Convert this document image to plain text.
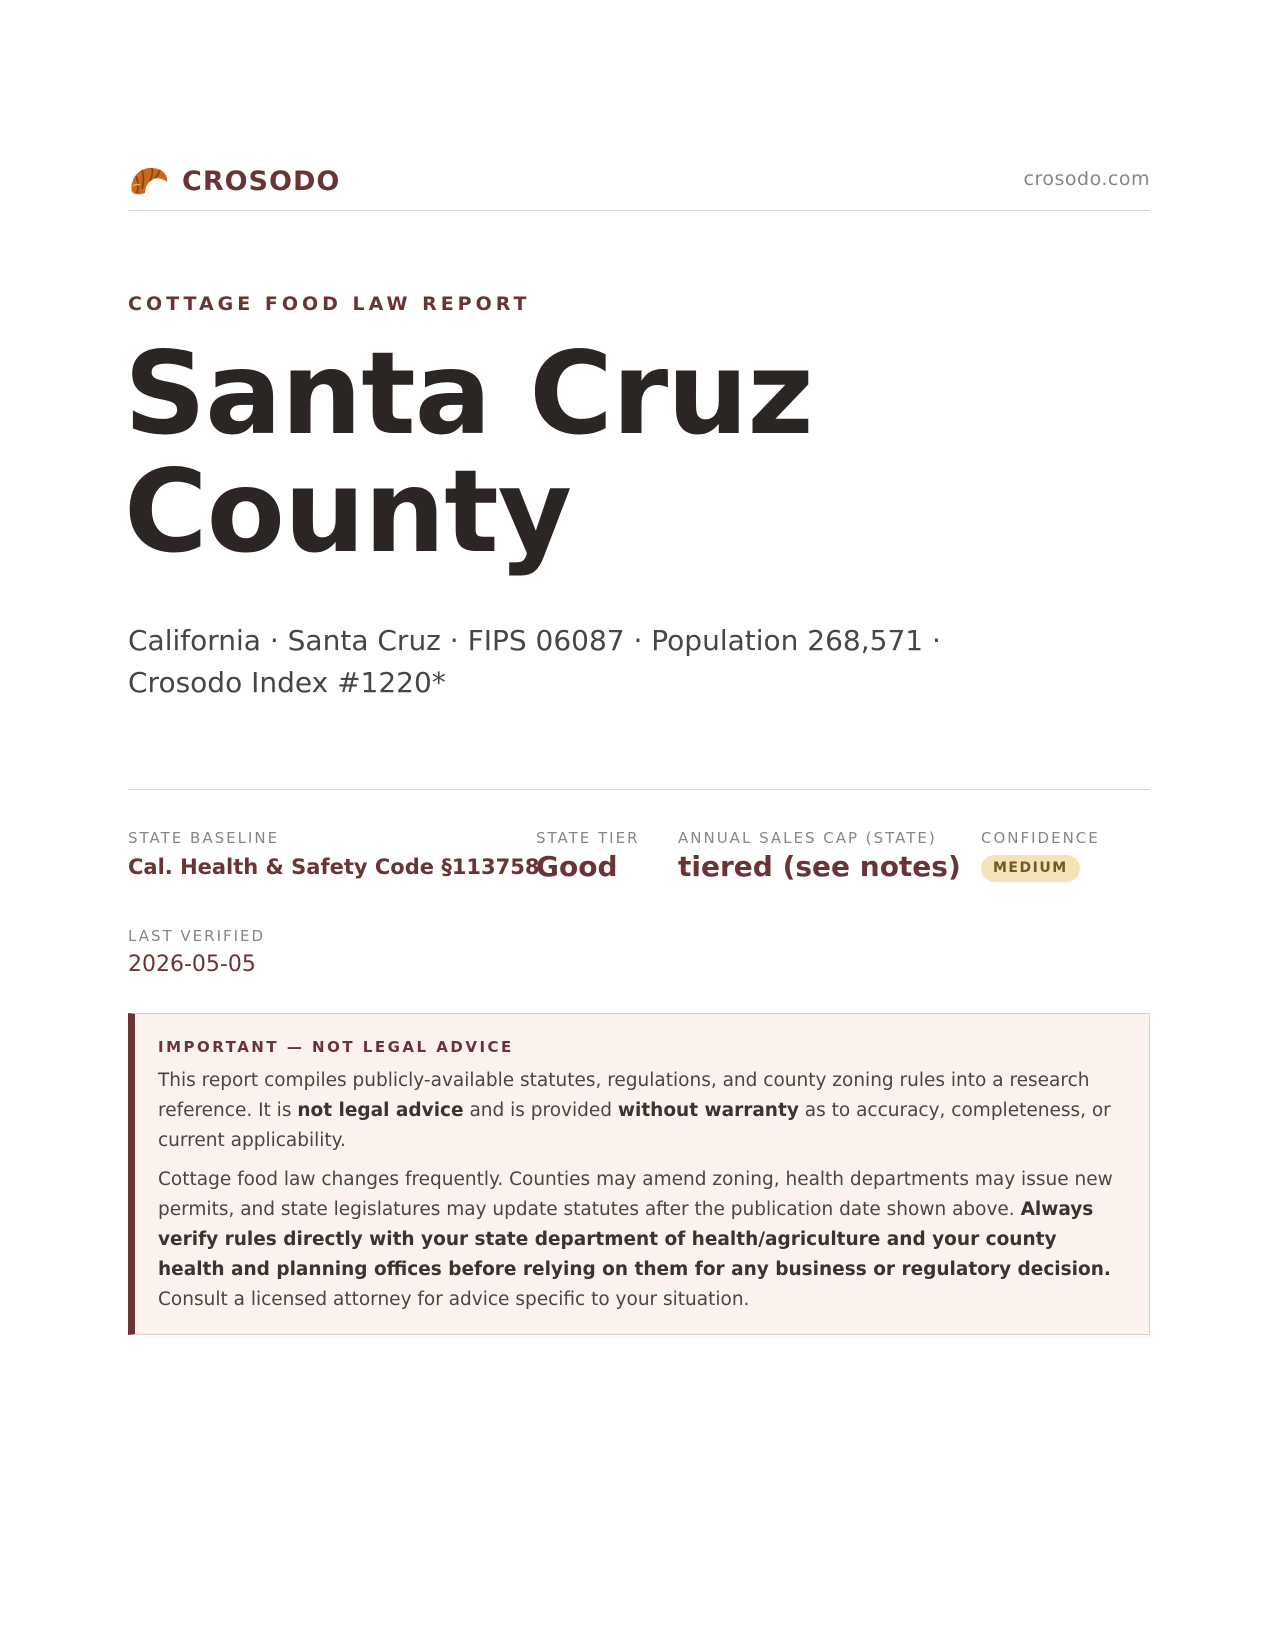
CROSODO	crosodo.com
COTTAGE FOOD LAW REPORT
Santa Cruz
County
California · Santa Cruz · FIPS 06087 · Population 268,571 ·
Crosodo Index #1220*
STATE BASELINE
Cal. Health & Safety Code §113758
STATE TIER
Good
ANNUAL SALES CAP (STATE)
tiered (see notes)
CONFIDENCE
MEDIUM
LAST VERIFIED
2026-05-05
IMPORTANT — NOT LEGAL ADVICE
This report compiles publicly-available statutes, regulations, and county zoning rules into a research reference. It is not legal advice and is provided without warranty as to accuracy, completeness, or current applicability.
Cottage food law changes frequently. Counties may amend zoning, health departments may issue new permits, and state legislatures may update statutes after the publication date shown above. Always verify rules directly with your state department of health/agriculture and your county health and planning offices before relying on them for any business or regulatory decision. Consult a licensed attorney for advice specific to your situation.
